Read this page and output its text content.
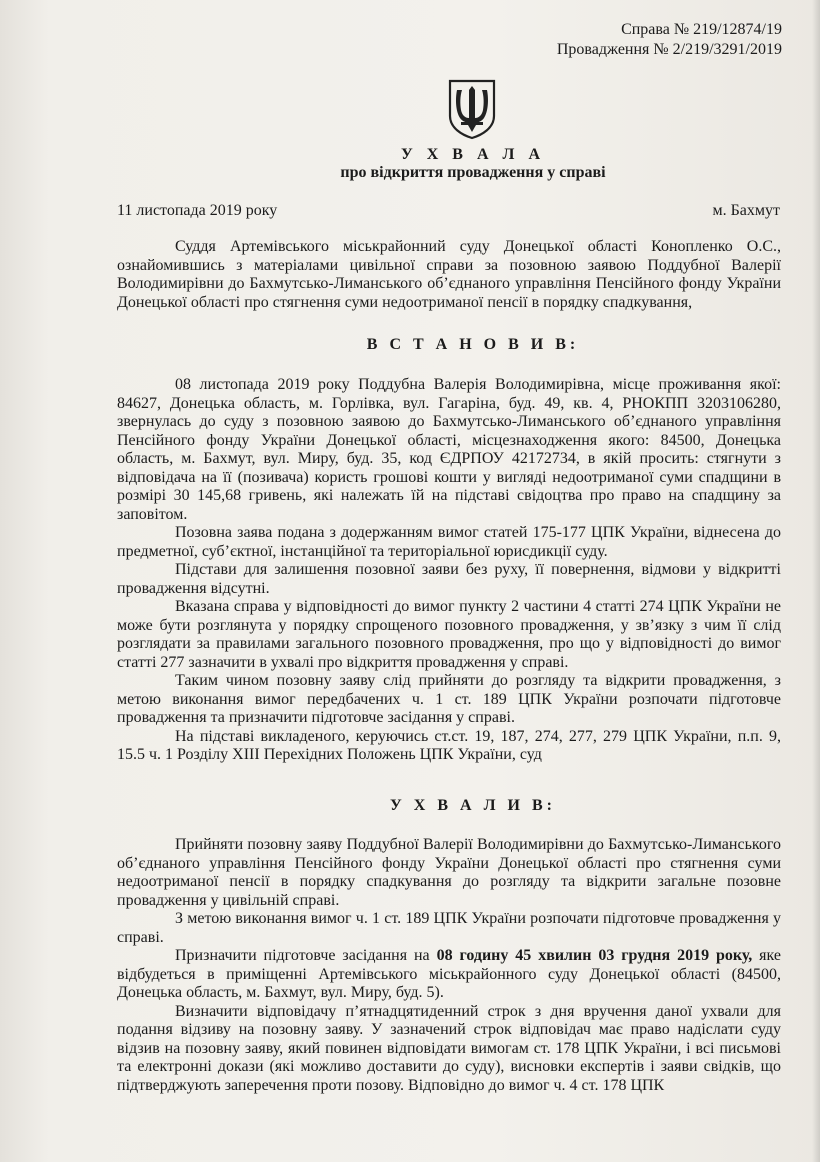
Справа № 219/12874/19
Провадження № 2/219/3291/2019
У Х В А Л А
про відкриття провадження у справі
11 листопада 2019 року	м. Бахмут

Суддя Артемівського міськрайонний суду Донецької області Конопленко О.С., ознайомившись з матеріалами цивільної справи за позовною заявою Поддубної Валерії Володимирівни до Бахмутсько-Лиманського об’єднаного управління Пенсійного фонду України Донецької області про стягнення суми недоотриманої пенсії в порядку спадкування,

В С Т А Н О В И В:

08 листопада 2019 року Поддубна Валерія Володимирівна, місце проживання якої: 84627, Донецька область, м. Горлівка, вул. Гагаріна, буд. 49, кв. 4, РНОКПП 3203106280, звернулась до суду з позовною заявою до Бахмутсько-Лиманського об’єднаного управління Пенсійного фонду України Донецької області, місцезнаходження якого: 84500, Донецька область, м. Бахмут, вул. Миру, буд. 35, код ЄДРПОУ 42172734, в якій просить: стягнути з відповідача на її (позивача) користь грошові кошти у вигляді недоотриманої суми спадщини в розмірі 30 145,68 гривень, які належать їй на підставі свідоцтва про право на спадщину за заповітом.

Позовна заява подана з додержанням вимог статей 175-177 ЦПК України, віднесена до предметної, суб’єктної, інстанційної та територіальної юрисдикції суду.

Підстави для залишення позовної заяви без руху, її повернення, відмови у відкритті провадження відсутні.

Вказана справа у відповідності до вимог пункту 2 частини 4 статті 274 ЦПК України не може бути розглянута у порядку спрощеного позовного провадження, у зв’язку з чим її слід розглядати за правилами загального позовного провадження, про що у відповідності до вимог статті 277 зазначити в ухвалі про відкриття провадження у справі.

Таким чином позовну заяву слід прийняти до розгляду та відкрити провадження, з метою виконання вимог передбачених ч. 1 ст. 189 ЦПК України розпочати підготовче провадження та призначити підготовче засідання у справі.

На підставі викладеного, керуючись ст.ст. 19, 187, 274, 277, 279 ЦПК України, п.п. 9, 15.5 ч. 1 Розділу XIII Перехідних Положень ЦПК України, суд

У Х В А Л И В:

Прийняти позовну заяву Поддубної Валерії Володимирівни до Бахмутсько-Лиманського об’єднаного управління Пенсійного фонду України Донецької області про стягнення суми недоотриманої пенсії в порядку спадкування до розгляду та відкрити загальне позовне провадження у цивільній справі.

З метою виконання вимог ч. 1 ст. 189 ЦПК України розпочати підготовче провадження у справі.

Призначити підготовче засідання на 08 годину 45 хвилин 03 грудня 2019 року, яке відбудеться в приміщенні Артемівського міськрайонного суду Донецької області (84500, Донецька область, м. Бахмут, вул. Миру, буд. 5).

Визначити відповідачу п’ятнадцятиденний строк з дня вручення даної ухвали для подання відзиву на позовну заяву. У зазначений строк відповідач має право надіслати суду відзив на позовну заяву, який повинен відповідати вимогам ст. 178 ЦПК України, і всі письмові та електронні докази (які можливо доставити до суду), висновки експертів і заяви свідків, що підтверджують заперечення проти позову. Відповідно до вимог ч. 4 ст. 178 ЦПК
